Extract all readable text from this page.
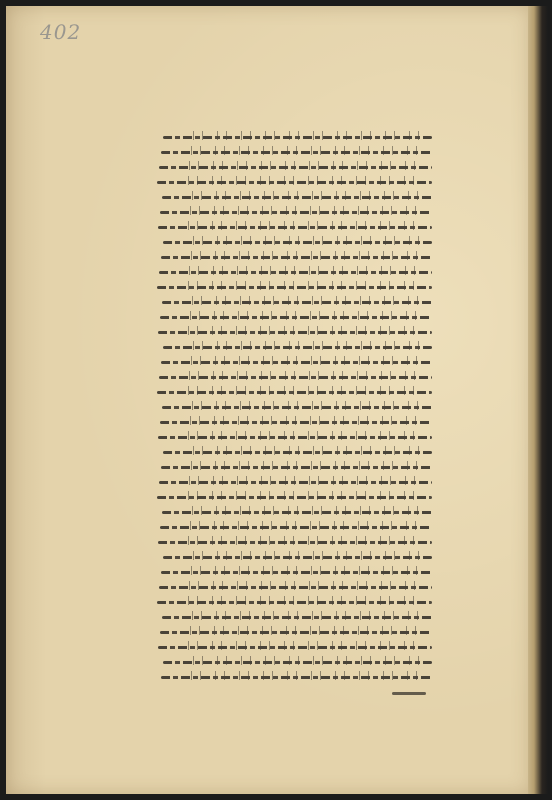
402
